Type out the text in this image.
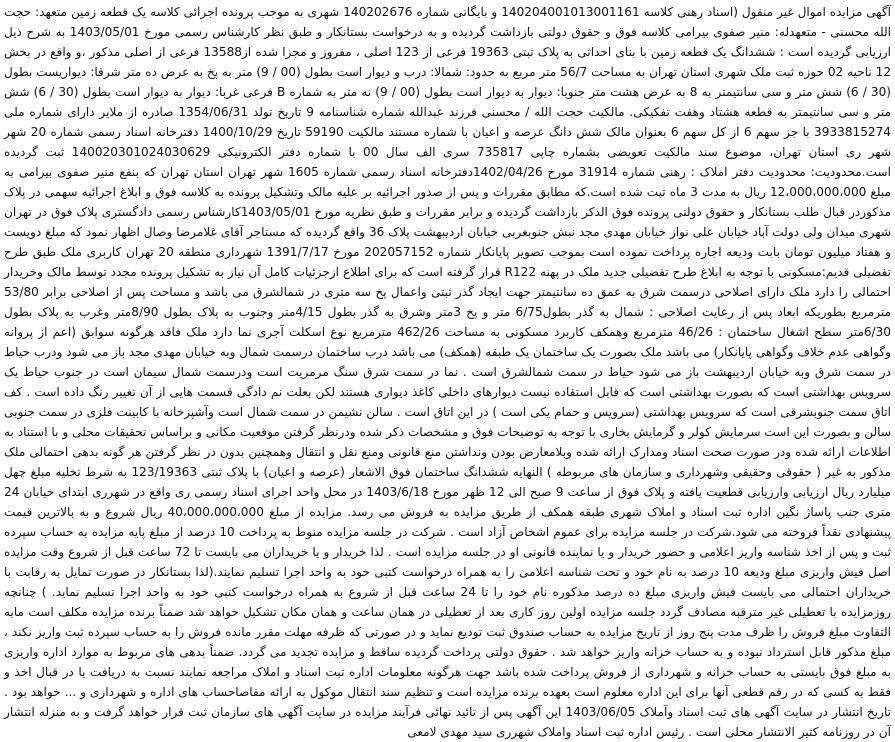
آگهی مزایده اموال غیر منقول (اسناد رهنی کلاسه 140204001013001161 و بایگانی شماره 140202676 شهری به موجب پرونده اجرائی کلاسه یک قطعه زمین متعهد: حجت الله محسنی - متعهدله: منیر صفوی بیرامی کلاسه فوق و حقوق دولتی بازداشت گردیده و به درخواست بستانکار و طبق نظر کارشناس رسمی مورخ 1403/05/01 به شرح ذیل ارزیابی گردیده است : ششدانگ یک قطعه زمین با بنای احداثی به پلاک ثبتی 19363 فرعی از 123 اصلی ، مفروز و مجزا شده از13588 فرعی از اصلی مذکور ،و واقع در بخش 12 ناحیه 02 حوزه ثبت ملک شهری استان تهران به مساحت 56/7 متر مربع به حدود: شمالا: درب و دیوار است بطول (00 / 9) متر به پخ به عرض ده متر شرقا: دیواریست بطول (30 / 6) شش متر و سی سانتیمتر به 8 به عرض هشت متر جنوبا: دیوار به دیوار است بطول (00 / 9) نه متر به شماره B فرعی غربا: دیوار به دیوار است بطول (30 / 6) شش متر و سی سانتیمتر به قطعه هشتاد وهفت تفکیکی. مالکیت حجت الله / محسنی فرزند عبدالله شماره شناسنامه 9 تاریخ تولد 1354/06/31 صادره از ملایر دارای شماره ملی 3933815274 با جز سهم 6 از کل سهم 6 بعنوان مالک شش دانگ عرصه و اعیان با شماره مستند مالکیت 59190 تاریخ 1400/10/29 دفترخانه اسناد رسمی شماره 20 شهر شهر ری استان تهران، موضوع سند مالکیت تعویضی بشماره چاپی 735817 سری الف سال 00 با شماره دفتر الکترونیکی 140020301024030629 ثبت گردیده است.محدودیت: محدودیت دفتر املاک : رهنی شماره 31914 مورخ 1402/04/26دفترخانه اسناد رسمی شماره 1605 شهر تهران استان تهران که بنفع منیر صفوی بیرامی به مبلغ 12،000،000،000 ریال به مدت 3 ماه ثبت شده است.که مطابق مقررات و پس از صدور اجرائیه بر علیه مالک وتشکیل پرونده به کلاسه فوق و ابلاغ اجرائیه سهمی در پلاک مذکوردر قبال طلب بستانکار و حقوق دولتی پرونده فوق الذکر بازداشت گردیده و برابر مقررات و طبق نظریه مورخ 1403/05/01کارشناس رسمی دادگستری پلاک فوق در تهران شهری میدان ولی دولت آباد خیابان علی نواز خیابان مهدی مجد نبش جنوبغربی خیابان اردیبهشت پلاک 36 واقع گردیده که مستاجر آقای غلامرضا وصال اظهار نمود که مبلغ دویست و هفتاد میلیون تومان بابت ودیعه اجاره پرداخت نموده است بموجب تصویر پایانکار شماره 202057152 مورخ 1391/7/17 شهرداری منطقه 20 تهران کاربری ملک طبق طرح تفضیلی قدیم:مسکونی با توجه به ابلاغ طرح تفضیلی جدید ملک در پهنه R122 قرار گرفته است که برای اطلاع ازجزئیات کامل آن نیاز به تشکیل پرونده مجدد توسط مالک وخریدار احتمالی را دارد ملک دارای اصلاحی درسمت شرق به عمق ده سانتیمتر جهت ایجاد گذر ثبتی واعمال پخ سه متری در شمالشرق می باشد و مساحت پس از اصلاحی برابر 53/80 مترمربع بطوریکه ابعاد پس از رعایت اصلاحی : شمال به گذر بطول6/75 متر و پخ 3متر وشرق به گذر بطول 4/15متر وجنوب به پلاک بطول 8/90متر وغرب به پلاک بطول 6/30متر سطح اشغال ساختمان : 46/26 مترمربع وهمکف کاربرد مسکونی به مساحت 462/26 مترمربع نوع اسکلت آجری نما دارد ملک فاقد هرگونه سوابق (اعم از پروانه وگواهی عدم خلاف وگواهی پایانکار) می باشد ملک بصورت یک ساختمان یک طبقه (همکف) می باشد درب ساختمان درسمت شمال وبه خیابان مهدی مجد باز می شود ودرب حیاط در سمت شرق وبه خیابان اردیبهشت باز می شود حیاط در سمت شمالشرق است . نما در سمت شرق سنگ مرمریت است ودرسمت شمال سیمان است در جنوب حیاط یک سرویس بهداشتی است که بصورت بهداشتی است که قابل استفاده نیست دیوارهای داخلی کاغذ دیواری هستند لکن بعلت نم دادگی قسمت هایی از آن تغییر رنگ داده است . کف اتاق سمت جنوبشرقی است که سرویس بهداشتی (سرویس و حمام یکی است ) در این اتاق است . سالن نشیمن در سمت شمال است وآشپزخانه با کابینت فلزی در سمت جنوبی سالن و بصورت این است سرمایش کولر و گرمایش بخاری با توجه به توضیحات فوق و مشخصات ذکر شده ودرنظر گرفتن موقعیت مکانی و براساس تحقیقات محلی و با استناد به اطلاعات ارائه شده ودر صورت صحت اسناد ومدارک ارائه شده وبلامعارض بودن ونداشتن منع قانونی ومنع نقل و انتقال وهمچنین بدون در نظر گرفتن هر گونه بدهی احتمالی ملک مذکور به غیر ( حقوقی وحقیقی وشهرداری و سازمان های مربوطه ) النهایه ششدانگ ساختمان فوق الاشعار (عرصه و اعیان) با پلاک ثبتی 123/19363 به شرط تخلیه مبلغ چهل میلیارد ریال ارزیابی وارزیابی قطعیت یافته و پلاک فوق از ساعت 9 صبح الی 12 ظهر مورخ 1403/6/18 در محل واحد اجرای اسناد رسمی ری واقع در شهرری ابتدای خیابان 24 متری جنب پاساژ نگین اداره ثبت اسناد و املاک شهری طبقه همکف از طریق مزایده به فروش می رسد. مزایده از مبلغ 40،000،000،000 ریال شروع و به بالاترین قیمت پیشنهادی نقداً فروخته می شود.شرکت در جلسه مزایده برای عموم اشخاص آزاد است . شرکت در جلسه مزایده منوط به پرداخت 10 درصد از مبلغ پایه مزایده به حساب سپرده ثبت و پس از اخذ شناسه واریز اعلامی و حضور خریدار و یا نماینده قانونی او در جلسه مزایده است . لذا خریدار و یا خریداران می بایست تا 72 ساعت قبل از شروع وقت مزایده اصل فیش واریزی مبلغ ودیعه 10 درصد به نام خود و تحت شناسه اعلامی را به همراه درخواست کتبی خود به واحد اجرا تسلیم نمایند.(لذا بستانکار در صورت تمایل به رقابت با خریداران احتمالی می بایست فیش واریزی مبلغ ده درصد مذکوره نام خود را تا 24 ساعت قبل از شروع به همراه درخواست کتبی خود به واحد اجرا تسلیم نماید. ) چنانچه روزمزایده با تعطیلی غیر مترقبه مصادف گردد جلسه مزایده اولین روز کاری بعد از تعطیلی در همان ساعت و همان مکان تشکیل خواهد شد ضمناً برنده مزایده مکلف است مابه التفاوت مبلغ فروش را ظرف مدت پنج روز از تاریخ مزایده به حساب صندوق ثبت تودیع نماید و در صورتی که ظرفه مهلت مقرر مانده فروش را به حساب سپرده ثبت واریز نکند ، مبلغ مذکور قابل استرداد نبوده و به حساب خزانه واریز خواهد شد . حقوق دولتی پرداخت گردیده ساقط و مزایده تجدید می گردد. ضمناً بدهی های مربوط به موارد اداره واریزی به مبلغ فوق بایستی به حساب خزانه و شهرداری از فروش پرداخت شده باشد جهت هرگونه معلومات اداره ثبت اسناد و املاک مراجعه نمایند نسبت به دریافت یا در قبال اخذ و فقط به کسی که در رقم قطعی آنها برای این اداره معلوم است بعهده برنده مزایده است و تنظیم سند انتقال موکول به ارائه مفاصاحساب های اداره و شهرداری و ... خواهد بود . تاریخ انتشار در سایت آگهی های ثبت اسناد وآملاک 1403/06/05 این آگهی پس از تائید نهائی فرآیند مزایده در سایت آگهی های سازمان ثبت قرار خواهد گرفت و به منزله انتشار آن در روزنامه کثیر الانتشار محلی است . رئیس اداره ثبت اسناد واملاک شهرری سید مهدی لامعی
